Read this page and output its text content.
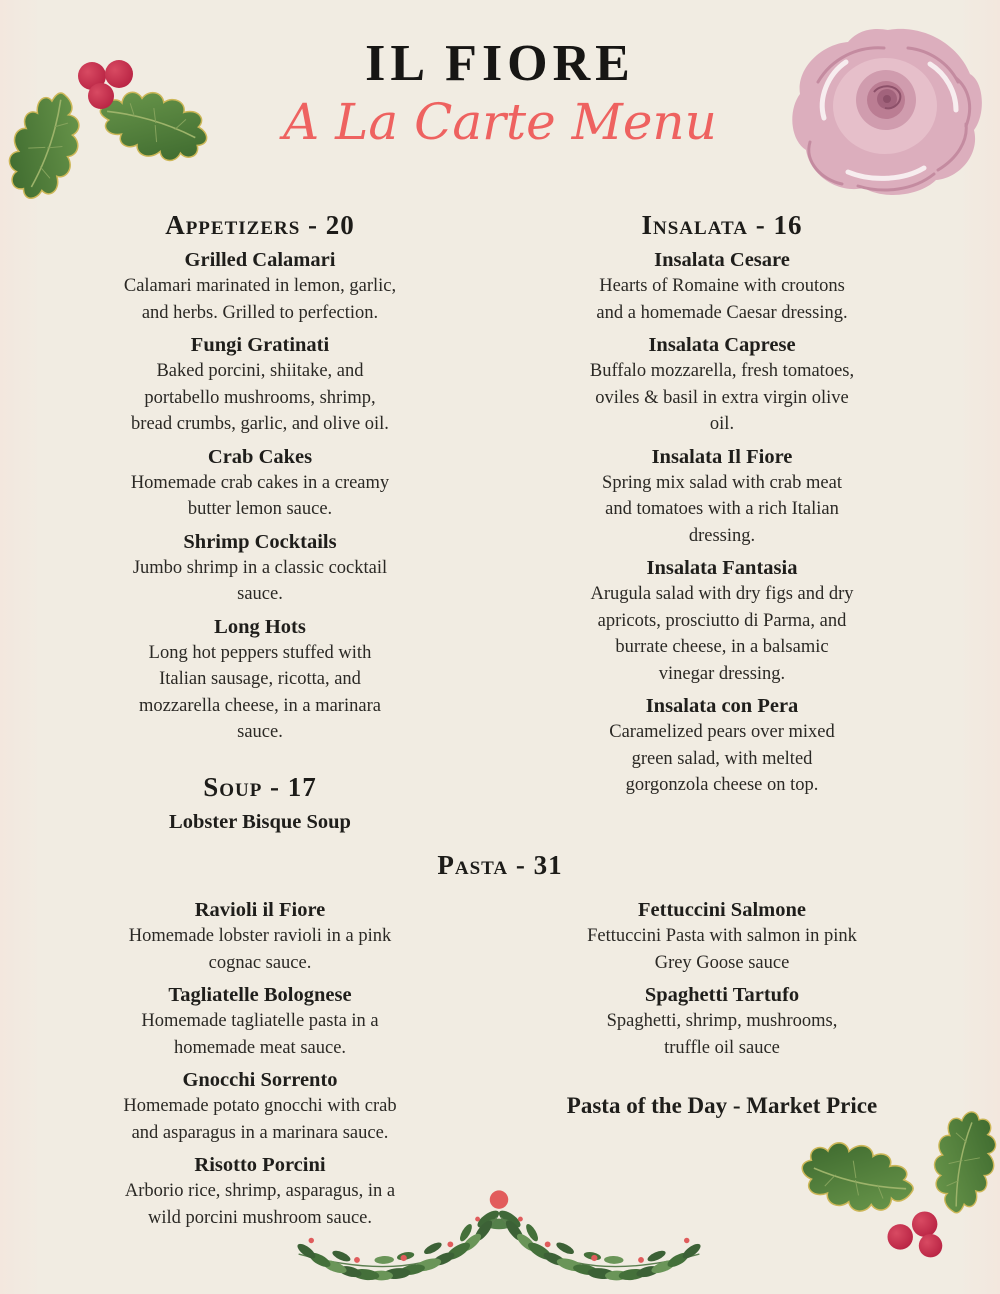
IL FIORE
A La Carte Menu
Appetizers - 20
Grilled Calamari
Calamari marinated in lemon, garlic,
and herbs. Grilled to perfection.
Fungi Gratinati
Baked porcini, shiitake, and
portabello mushrooms, shrimp,
bread crumbs, garlic, and olive oil.
Crab Cakes
Homemade crab cakes in a creamy
butter lemon sauce.
Shrimp Cocktails
Jumbo shrimp in a classic cocktail
sauce.
Long Hots
Long hot peppers stuffed with
Italian sausage, ricotta, and
mozzarella cheese, in a marinara
sauce.
Soup - 17
Lobster Bisque Soup
Insalata - 16
Insalata Cesare
Hearts of Romaine with croutons
and a homemade Caesar dressing.
Insalata Caprese
Buffalo mozzarella, fresh tomatoes,
oviles & basil in extra virgin olive
oil.
Insalata Il Fiore
Spring mix salad with crab meat
and tomatoes with a rich Italian
dressing.
Insalata Fantasia
Arugula salad with dry figs and dry
apricots, prosciutto di Parma, and
burrate cheese, in a balsamic
vinegar dressing.
Insalata con Pera
Caramelized pears over mixed
green salad, with melted
gorgonzola cheese on top.
Pasta - 31
Ravioli il Fiore
Homemade lobster ravioli in a pink
cognac sauce.
Tagliatelle Bolognese
Homemade tagliatelle pasta in a
homemade meat sauce.
Gnocchi Sorrento
Homemade potato gnocchi with crab
and asparagus in a marinara sauce.
Risotto Porcini
Arborio rice, shrimp, asparagus, in a
wild porcini mushroom sauce.
Fettuccini Salmone
Fettuccini Pasta with salmon in pink
Grey Goose sauce
Spaghetti Tartufo
Spaghetti, shrimp, mushrooms,
truffle oil sauce
Pasta of the Day - Market Price
